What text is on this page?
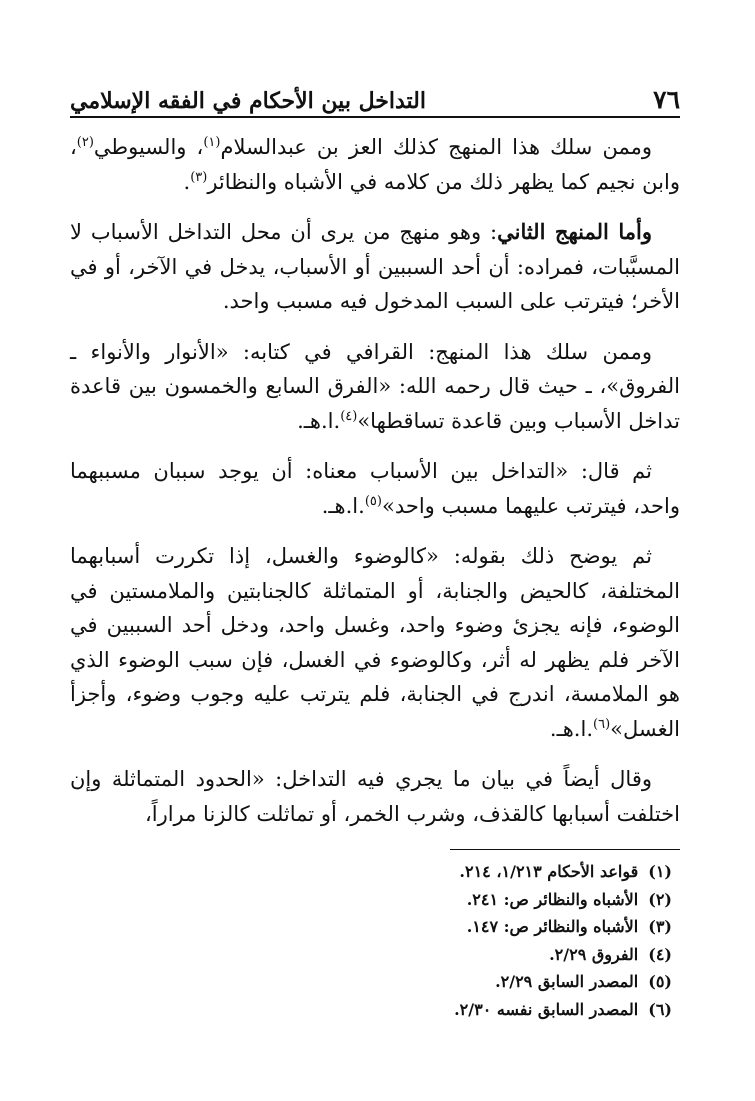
٧٦
التداخل بين الأحكام في الفقه الإسلامي

وممن سلك هذا المنهج كذلك العز بن عبدالسلام$^{(١)}$، والسيوطي$^{(٢)}$، وابن نجيم كما يظهر ذلك من كلامه في الأشباه والنظائر$^{(٣)}$.

وأما المنهج الثاني: وهو منهج من يرى أن محل التداخل الأسباب لا المسبَّبات، فمراده: أن أحد السببين أو الأسباب، يدخل في الآخر، أو في الأخر؛ فيترتب على السبب المدخول فيه مسبب واحد.

وممن سلك هذا المنهج: القرافي في كتابه: «الأنوار والأنواء ـ الفروق»، ـ حيث قال رحمه الله: «الفرق السابع والخمسون بين قاعدة تداخل الأسباب وبين قاعدة تساقطها»$^{(٤)}$.ا.هـ.

ثم قال: «التداخل بين الأسباب معناه: أن يوجد سببان مسببهما واحد، فيترتب عليهما مسبب واحد»$^{(٥)}$.ا.هـ.

ثم يوضح ذلك بقوله: «كالوضوء والغسل، إذا تكررت أسبابهما المختلفة، كالحيض والجنابة، أو المتماثلة كالجنابتين والملامستين في الوضوء، فإنه يجزئ وضوء واحد، وغسل واحد، ودخل أحد السببين في الآخر فلم يظهر له أثر، وكالوضوء في الغسل، فإن سبب الوضوء الذي هو الملامسة، اندرج في الجنابة، فلم يترتب عليه وجوب وضوء، وأجزأ الغسل»$^{(٦)}$.ا.هـ.

وقال أيضاً في بيان ما يجري فيه التداخل: «الحدود المتماثلة وإن اختلفت أسبابها كالقذف، وشرب الخمر، أو تماثلت كالزنا مراراً،

(١)
قواعد الأحكام ١/٢١٣، ٢١٤.
(٢)
الأشباه والنظائر ص: ٢٤١.
(٣)
الأشباه والنظائر ص: ١٤٧.
(٤)
الفروق ٢/٢٩.
(٥)
المصدر السابق ٢/٢٩.
(٦)
المصدر السابق نفسه ٢/٣٠.
